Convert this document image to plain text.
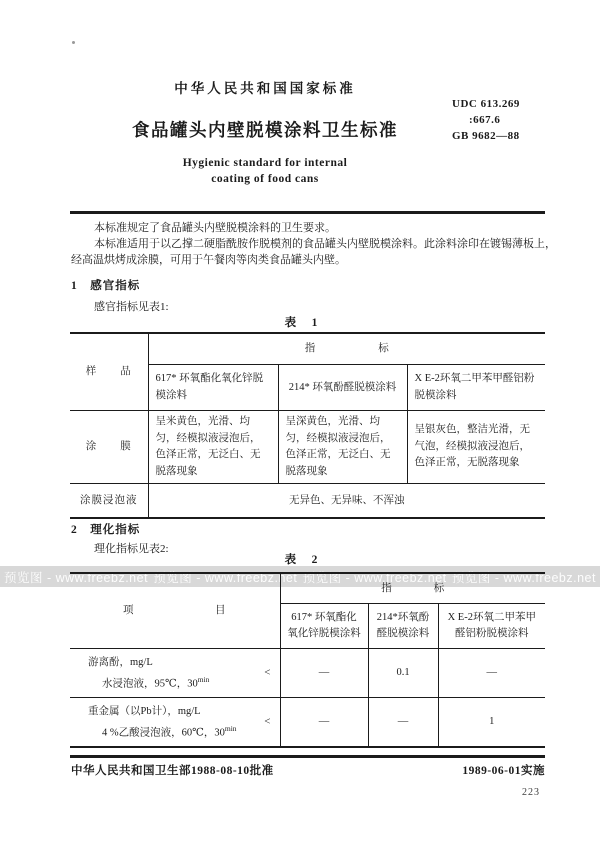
中华人民共和国国家标准
食品罐头内壁脱模涂料卫生标准
Hygienic standard for internal
coating of food cans
UDC 613.269
:667.6
GB 9682—88
本标准规定了食品罐头内壁脱模涂料的卫生要求。
本标准适用于以乙撑二硬脂酰胺作脱模剂的食品罐头内壁脱模涂料。此涂料涂印在镀锡薄板上，
经高温烘烤成涂膜，可用于午餐肉等肉类食品罐头内壁。
1　感官指标
感官指标见表1:
表　1
样　　品	指　　　　　　标		
	617* 环氧酯化氧化锌脱模涂料	214* 环氧酚醛脱模涂料	X E-2环氧二甲苯甲醛铝粉脱模涂料
涂　　膜	呈米黄色，光滑、均匀，经模拟液浸泡后，色泽正常，无泛白、无脱落现象	呈深黄色，光滑、均匀，经模拟液浸泡后，色泽正常，无泛白、无脱落现象	呈银灰色，整洁光滑，无气泡，经模拟液浸泡后，色泽正常，无脱落现象
涂膜浸泡液	无异色、无异味、不浑浊		
2　理化指标
理化指标见表2:
表　2
预览图 - www.freebz.net 预览图 - www.freebz.net 预览图 - www.freebz.net 预览图 - www.freebz.net
项　　　　　　　目	指　　　　标		
	617* 环氧酯化氧化锌脱模涂料	214*环氧酚醛脱模涂料	X E-2环氧二甲苯甲醛铝粉脱模涂料

游离酚，mg/L
水浸泡液，95℃，$30^{min}$
<	—	0.1	—

重金属（以Pb计），mg/L
4 %乙酸浸泡液，60℃，$30^{min}$
<	—	—	1
中华人民共和国卫生部1988-08-10批准	1989-06-01实施
223
